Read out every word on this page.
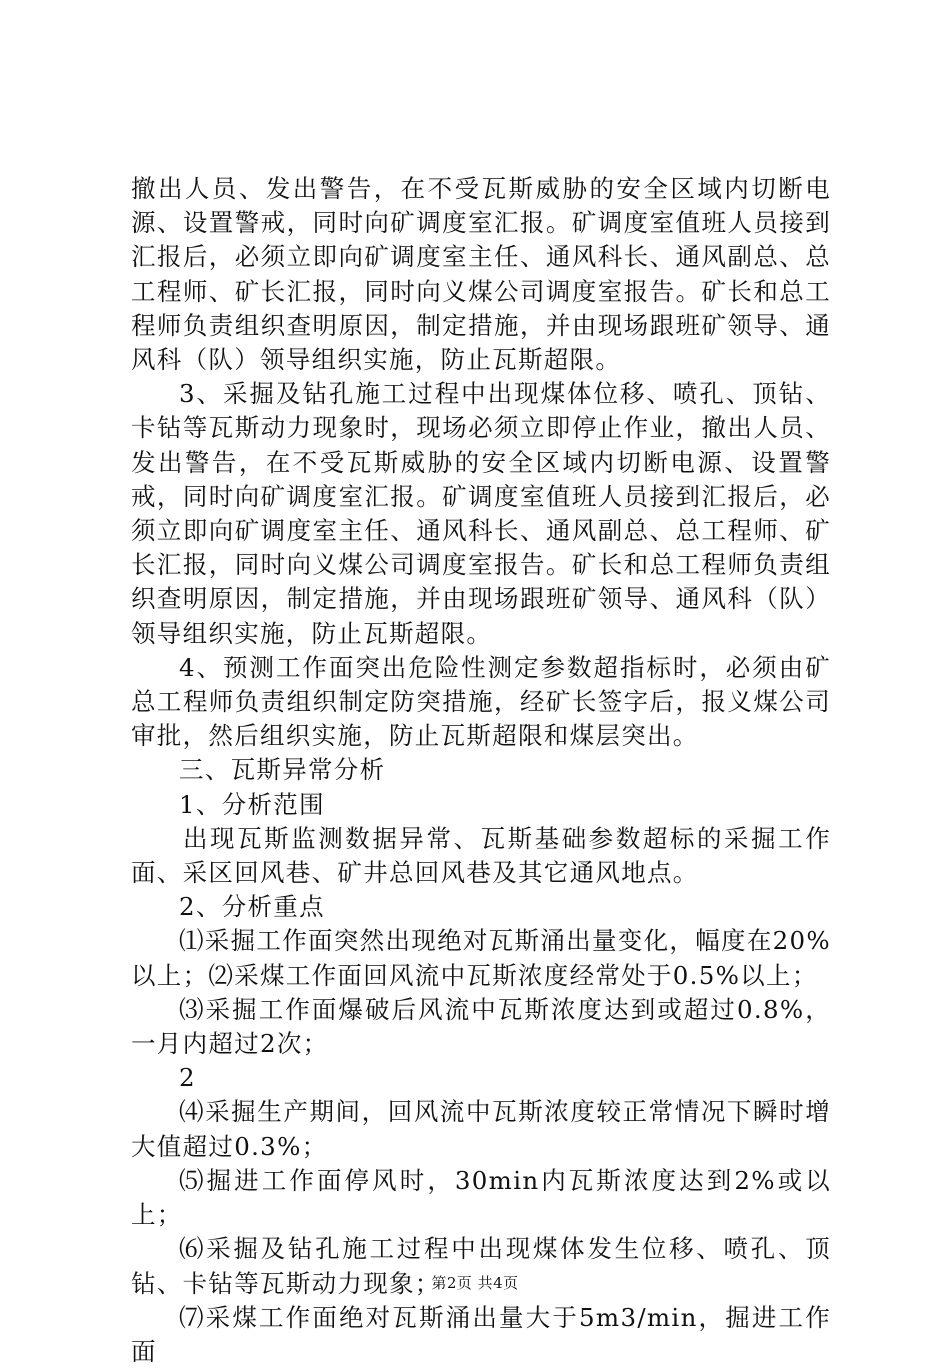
撤出人员、发出警告，在不受瓦斯威胁的安全区域内切断电源、设置警戒，同时向矿调度室汇报。矿调度室值班人员接到汇报后，必须立即向矿调度室主任、通风科长、通风副总、总工程师、矿长汇报，同时向义煤公司调度室报告。矿长和总工程师负责组织查明原因，制定措施，并由现场跟班矿领导、通风科（队）领导组织实施，防止瓦斯超限。

3、采掘及钻孔施工过程中出现煤体位移、喷孔、顶钻、卡钻等瓦斯动力现象时，现场必须立即停止作业，撤出人员、发出警告，在不受瓦斯威胁的安全区域内切断电源、设置警戒，同时向矿调度室汇报。矿调度室值班人员接到汇报后，必须立即向矿调度室主任、通风科长、通风副总、总工程师、矿长汇报，同时向义煤公司调度室报告。矿长和总工程师负责组织查明原因，制定措施，并由现场跟班矿领导、通风科（队）领导组织实施，防止瓦斯超限。

4、预测工作面突出危险性测定参数超指标时，必须由矿总工程师负责组织制定防突措施，经矿长签字后，报义煤公司审批，然后组织实施，防止瓦斯超限和煤层突出。

三、瓦斯异常分析

1、分析范围

出现瓦斯监测数据异常、瓦斯基础参数超标的采掘工作面、采区回风巷、矿井总回风巷及其它通风地点。

2、分析重点

⑴采掘工作面突然出现绝对瓦斯涌出量变化，幅度在20%以上；⑵采煤工作面回风流中瓦斯浓度经常处于0.5%以上；

⑶采掘工作面爆破后风流中瓦斯浓度达到或超过0.8%，一月内超过2次；

2

⑷采掘生产期间，回风流中瓦斯浓度较正常情况下瞬时增大值超过0.3%；

⑸掘进工作面停风时，30min内瓦斯浓度达到2%或以上；

⑹采掘及钻孔施工过程中出现煤体发生位移、喷孔、顶钻、卡钻等瓦斯动力现象；

⑺采煤工作面绝对瓦斯涌出量大于5m3/min，掘进工作面

第2页 共4页
